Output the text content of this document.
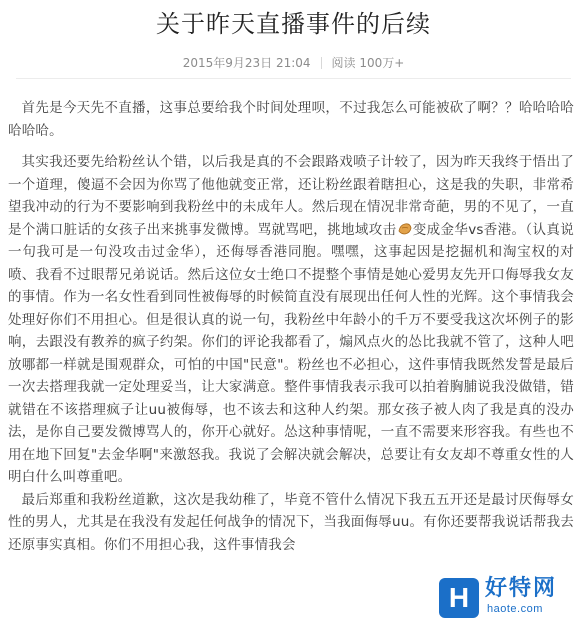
关于昨天直播事件的后续
2015年9月23日 21:04 阅读 100万+

首先是今天先不直播，这事总要给我个时间处理呗，不过我怎么可能被砍了啊？？哈哈哈哈哈哈哈。

其实我还要先给粉丝认个错，以后我是真的不会跟路戏喷子计较了，因为昨天我终于悟出了一个道理，傻逼不会因为你骂了他他就变正常，还让粉丝跟着瞎担心，这是我的失职，非常希望我冲动的行为不要影响到我粉丝中的未成年人。然后现在情况非常奇葩，男的不见了，一直是个满口脏话的女孩子出来挑事发微博。骂就骂吧，挑地域攻击 变成金华vs香港。（认真说一句我可是一句没攻击过金华），还侮辱香港同胞。嘿嘿，这事起因是挖掘机和淘宝权的对喷、我看不过眼帮兄弟说话。然后这位女士绝口不提整个事情是她心爱男友先开口侮辱我女友的事情。作为一名女性看到同性被侮辱的时候简直没有展现出任何人性的光辉。这个事情我会处理好你们不用担心。但是很认真的说一句，我粉丝中年龄小的千万不要受我这次坏例子的影响，去跟没有教养的疯子约架。你们的评论我都看了，煽风点火的怂比我就不管了，这种人吧放哪都一样就是围观群众，可怕的中国"民意"。粉丝也不必担心，这件事情我既然发誓是最后一次去搭理我就一定处理妥当，让大家满意。整件事情我表示我可以拍着胸脯说我没做错，错就错在不该搭理疯子让uu被侮辱，也不该去和这种人约架。那女孩子被人肉了我是真的没办法，是你自己要发微博骂人的，你开心就好。怂这种事情呢，一直不需要来形容我。有些也不用在地下回复"去金华啊"来激怒我。我说了会解决就会解决，总要让有女友却不尊重女性的人明白什么叫尊重吧。

最后郑重和我粉丝道歉，这次是我幼稚了，毕竟不管什么情况下我五五开还是最讨厌侮辱女性的男人，尤其是在我没有发起任何战争的情况下，当我面侮辱uu。有你还要帮我说话帮我去还原事实真相。你们不用担心我，这件事情我会

H 好特网
haote.com
